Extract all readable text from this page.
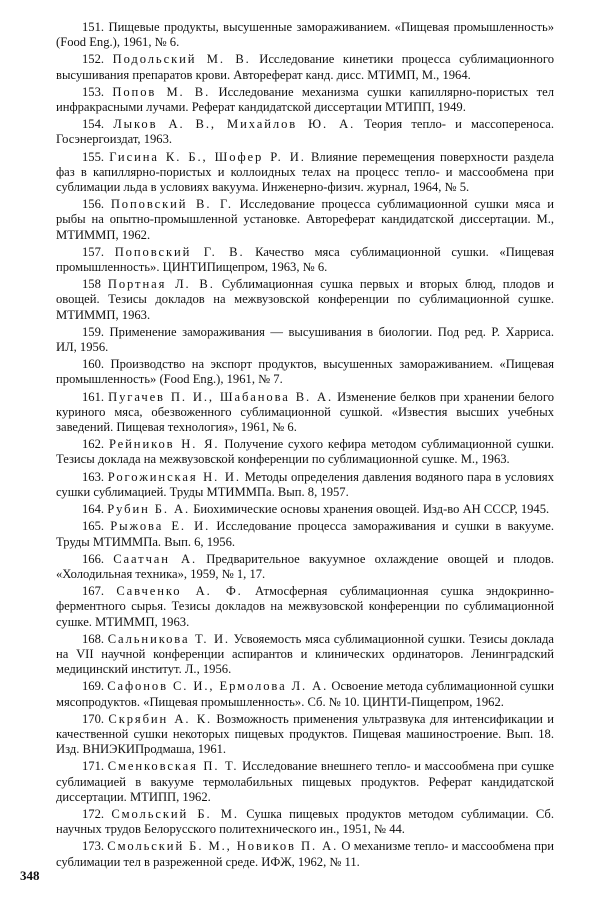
151. Пищевые продукты, высушенные замораживанием. «Пищевая промышленность» (Food Eng.), 1961, № 6.

152. Подольский М. В. Исследование кинетики процесса сублимационного высушивания препаратов крови. Автореферат канд. дисс. МТИМП, М., 1964.

153. Попов М. В. Исследование механизма сушки капиллярно-пористых тел инфракрасными лучами. Реферат кандидатской диссертации МТИПП, 1949.

154. Лыков А. В., Михайлов Ю. А. Теория тепло- и массопереноса. Госэнергоиздат, 1963.

155. Гисина К. Б., Шофер Р. И. Влияние перемещения поверхности раздела фаз в капиллярно-пористых и коллоидных телах на процесс тепло- и массообмена при сублимации льда в условиях вакуума. Инженерно-физич. журнал, 1964, № 5.

156. Поповский В. Г. Исследование процесса сублимационной сушки мяса и рыбы на опытно-промышленной установке. Автореферат кандидатской диссертации. М., МТИММП, 1962.

157. Поповский Г. В. Качество мяса сублимационной сушки. «Пищевая промышленность». ЦИНТИПищепром, 1963, № 6.

158 Портная Л. В. Сублимационная сушка первых и вторых блюд, плодов и овощей. Тезисы докладов на межвузовской конференции по сублимационной сушке. МТИММП, 1963.

159. Применение замораживания — высушивания в биологии. Под ред. Р. Харриса. ИЛ, 1956.

160. Производство на экспорт продуктов, высушенных замораживанием. «Пищевая промышленность» (Food Eng.), 1961, № 7.

161. Пугачев П. И., Шабанова В. А. Изменение белков при хранении белого куриного мяса, обезвоженного сублимационной сушкой. «Известия высших учебных заведений. Пищевая технология», 1961, № 6.

162. Рейников Н. Я. Получение сухого кефира методом сублимационной сушки. Тезисы доклада на межвузовской конференции по сублимационной сушке. М., 1963.

163. Рогожинская Н. И. Методы определения давления водяного пара в условиях сушки сублимацией. Труды МТИММПа. Вып. 8, 1957.

164. Рубин Б. А. Биохимические основы хранения овощей. Изд-во АН СССР, 1945.

165. Рыжова Е. И. Исследование процесса замораживания и сушки в вакууме. Труды МТИММПа. Вып. 6, 1956.

166. Саатчан А. Предварительное вакуумное охлаждение овощей и плодов. «Холодильная техника», 1959, № 1, 17.

167. Савченко А. Ф. Атмосферная сублимационная сушка эндокринно-ферментного сырья. Тезисы докладов на межвузовской конференции по сублимационной сушке. МТИММП, 1963.

168. Сальникова Т. И. Усвояемость мяса сублимационной сушки. Тезисы доклада на VII научной конференции аспирантов и клинических ординаторов. Ленинградский медицинский институт. Л., 1956.

169. Сафонов С. И., Ермолова Л. А. Освоение метода сублимационной сушки мясопродуктов. «Пищевая промышленность». Сб. № 10. ЦИНТИ-Пищепром, 1962.

170. Скрябин А. К. Возможность применения ультразвука для интенсификации и качественной сушки некоторых пищевых продуктов. Пищевая машиностроение. Вып. 18. Изд. ВНИЭКИПродмаша, 1961.

171. Сменковская П. Т. Исследование внешнего тепло- и массообмена при сушке сублимацией в вакууме термолабильных пищевых продуктов. Реферат кандидатской диссертации. МТИПП, 1962.

172. Смольский Б. М. Сушка пищевых продуктов методом сублимации. Сб. научных трудов Белорусского политехнического ин., 1951, № 44.

173. Смольский Б. М., Новиков П. А. О механизме тепло- и массообмена при сублимации тел в разреженной среде. ИФЖ, 1962, № 11.

348
